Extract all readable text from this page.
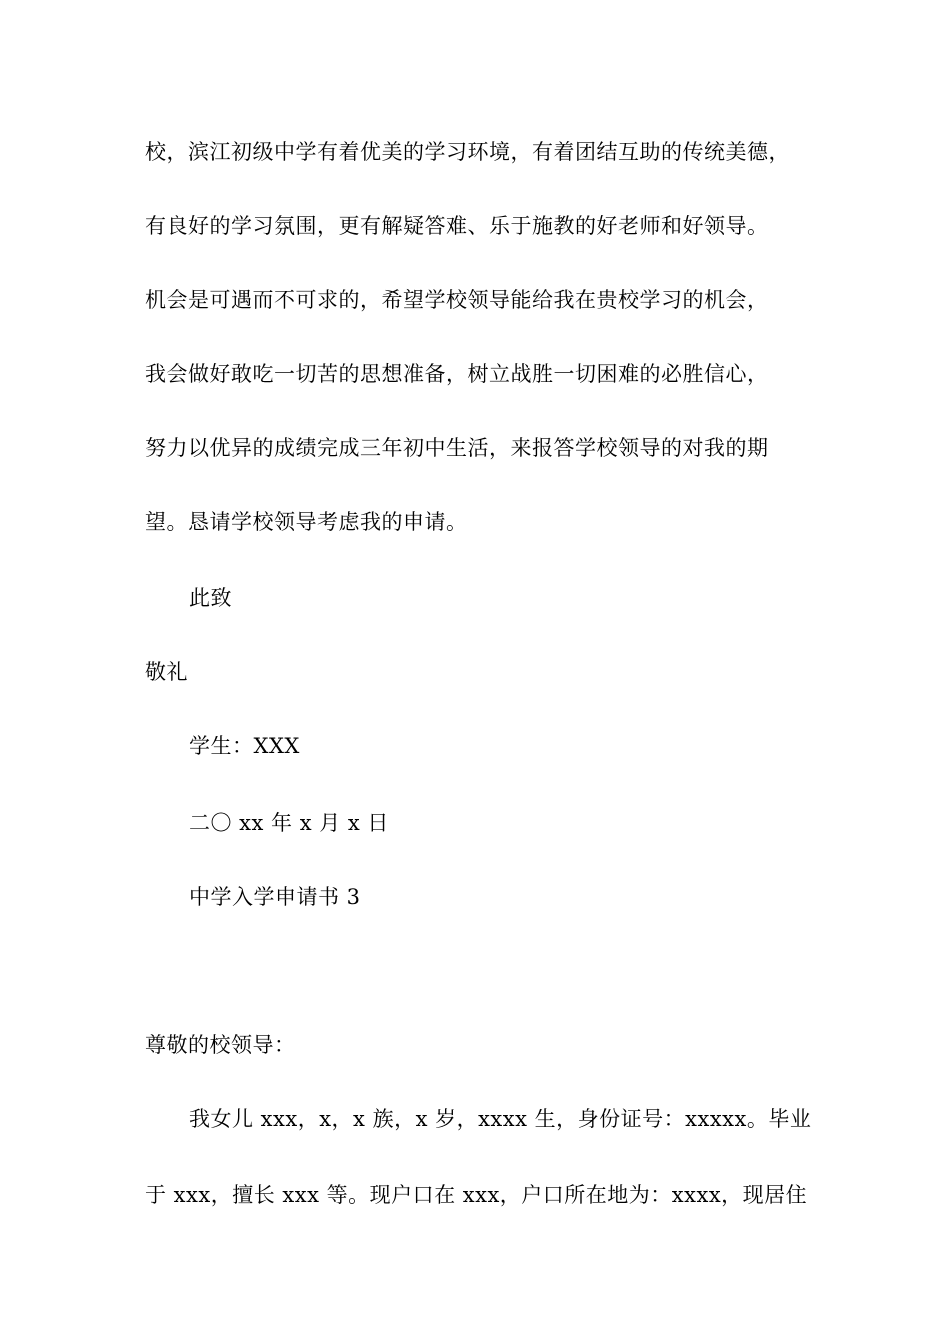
校，滨江初级中学有着优美的学习环境，有着团结互助的传统美德，
有良好的学习氛围，更有解疑答难、乐于施教的好老师和好领导。
机会是可遇而不可求的，希望学校领导能给我在贵校学习的机会，
我会做好敢吃一切苦的思想准备，树立战胜一切困难的必胜信心，
努力以优异的成绩完成三年初中生活，来报答学校领导的对我的期
望。恳请学校领导考虑我的申请。
此致
敬礼
学生：XXX
二〇 xx 年 x 月 x 日
中学入学申请书 3
尊敬的校领导：
我女儿 xxx，x，x 族，x 岁，xxxx 生，身份证号：xxxxx。毕业
于 xxx，擅长 xxx 等。现户口在 xxx，户口所在地为：xxxx，现居住
